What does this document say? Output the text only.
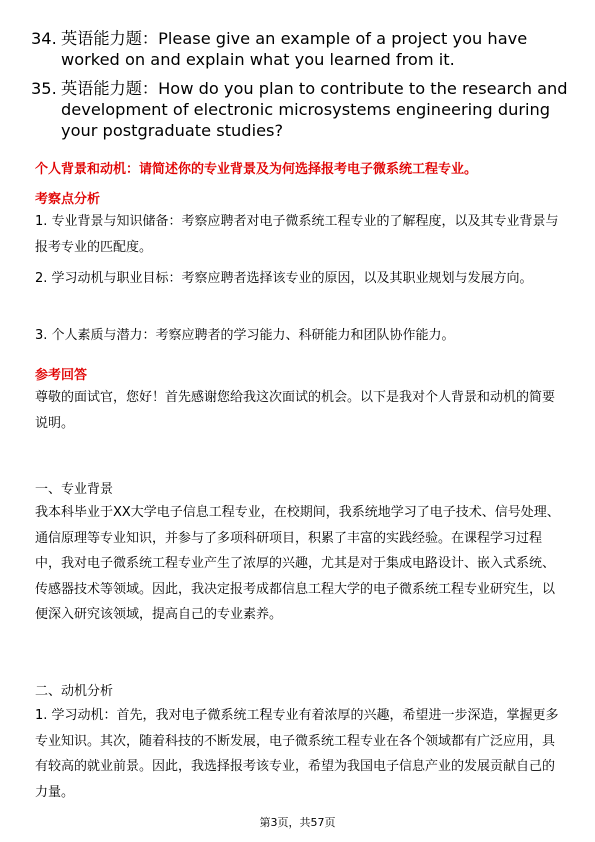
34. 英语能力题：Please give an example of a project you have worked on and explain what you learned from it.
35. 英语能力题：How do you plan to contribute to the research and development of electronic microsystems engineering during your postgraduate studies?
个人背景和动机：请简述你的专业背景及为何选择报考电子微系统工程专业。
考察点分析
1. 专业背景与知识储备：考察应聘者对电子微系统工程专业的了解程度，以及其专业背景与报考专业的匹配度。
2. 学习动机与职业目标：考察应聘者选择该专业的原因，以及其职业规划与发展方向。
3. 个人素质与潜力：考察应聘者的学习能力、科研能力和团队协作能力。
参考回答
尊敬的面试官，您好！首先感谢您给我这次面试的机会。以下是我对个人背景和动机的简要说明。
一、专业背景
我本科毕业于XX大学电子信息工程专业，在校期间，我系统地学习了电子技术、信号处理、通信原理等专业知识，并参与了多项科研项目，积累了丰富的实践经验。在课程学习过程中，我对电子微系统工程专业产生了浓厚的兴趣，尤其是对于集成电路设计、嵌入式系统、传感器技术等领域。因此，我决定报考成都信息工程大学的电子微系统工程专业研究生，以便深入研究该领域，提高自己的专业素养。
二、动机分析
1. 学习动机：首先，我对电子微系统工程专业有着浓厚的兴趣，希望进一步深造，掌握更多专业知识。其次，随着科技的不断发展，电子微系统工程专业在各个领域都有广泛应用，具有较高的就业前景。因此，我选择报考该专业，希望为我国电子信息产业的发展贡献自己的力量。
第3页，共57页
